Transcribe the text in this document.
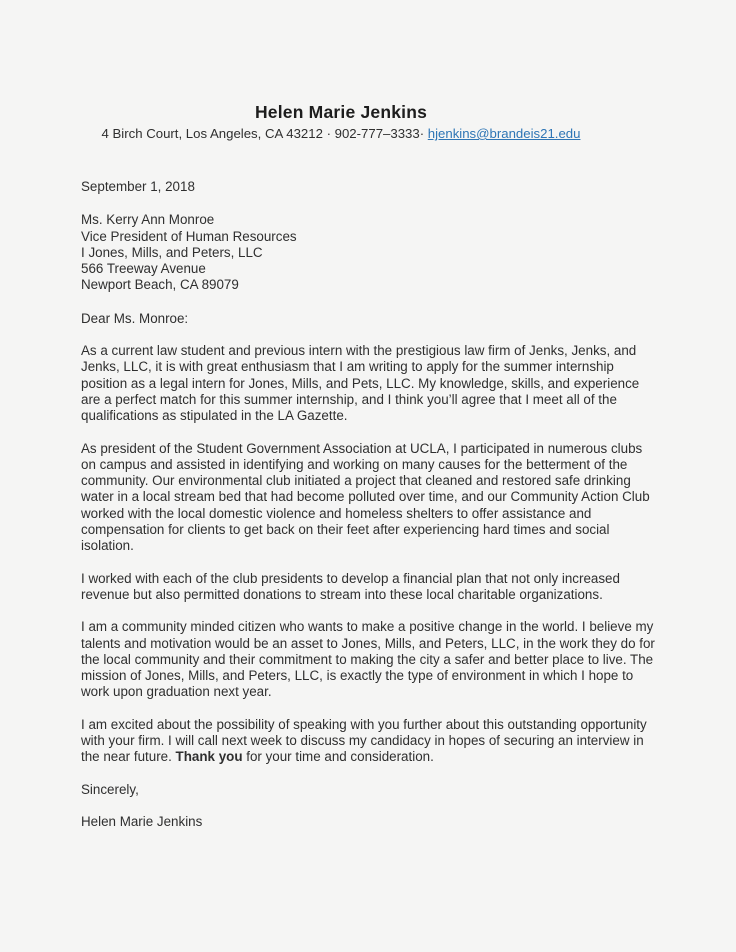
Helen Marie Jenkins
4 Birch Court, Los Angeles, CA 43212 · 902-777–3333· hjenkins@brandeis21.edu
September 1, 2018
Ms. Kerry Ann Monroe
Vice President of Human Resources
I Jones, Mills, and Peters, LLC
566 Treeway Avenue
Newport Beach, CA 89079
Dear Ms. Monroe:

As a current law student and previous intern with the prestigious law firm of Jenks, Jenks, and Jenks, LLC, it is with great enthusiasm that I am writing to apply for the summer internship position as a legal intern for Jones, Mills, and Pets, LLC. My knowledge, skills, and experience are a perfect match for this summer internship, and I think you’ll agree that I meet all of the qualifications as stipulated in the LA Gazette.

As president of the Student Government Association at UCLA, I participated in numerous clubs on campus and assisted in identifying and working on many causes for the betterment of the community. Our environmental club initiated a project that cleaned and restored safe drinking water in a local stream bed that had become polluted over time, and our Community Action Club worked with the local domestic violence and homeless shelters to offer assistance and compensation for clients to get back on their feet after experiencing hard times and social isolation.

I worked with each of the club presidents to develop a financial plan that not only increased revenue but also permitted donations to stream into these local charitable organizations.

I am a community minded citizen who wants to make a positive change in the world. I believe my talents and motivation would be an asset to Jones, Mills, and Peters, LLC, in the work they do for the local community and their commitment to making the city a safer and better place to live. The mission of Jones, Mills, and Peters, LLC, is exactly the type of environment in which I hope to work upon graduation next year.

I am excited about the possibility of speaking with you further about this outstanding opportunity with your firm. I will call next week to discuss my candidacy in hopes of securing an interview in the near future. Thank you for your time and consideration.

Sincerely,
Helen Marie Jenkins
